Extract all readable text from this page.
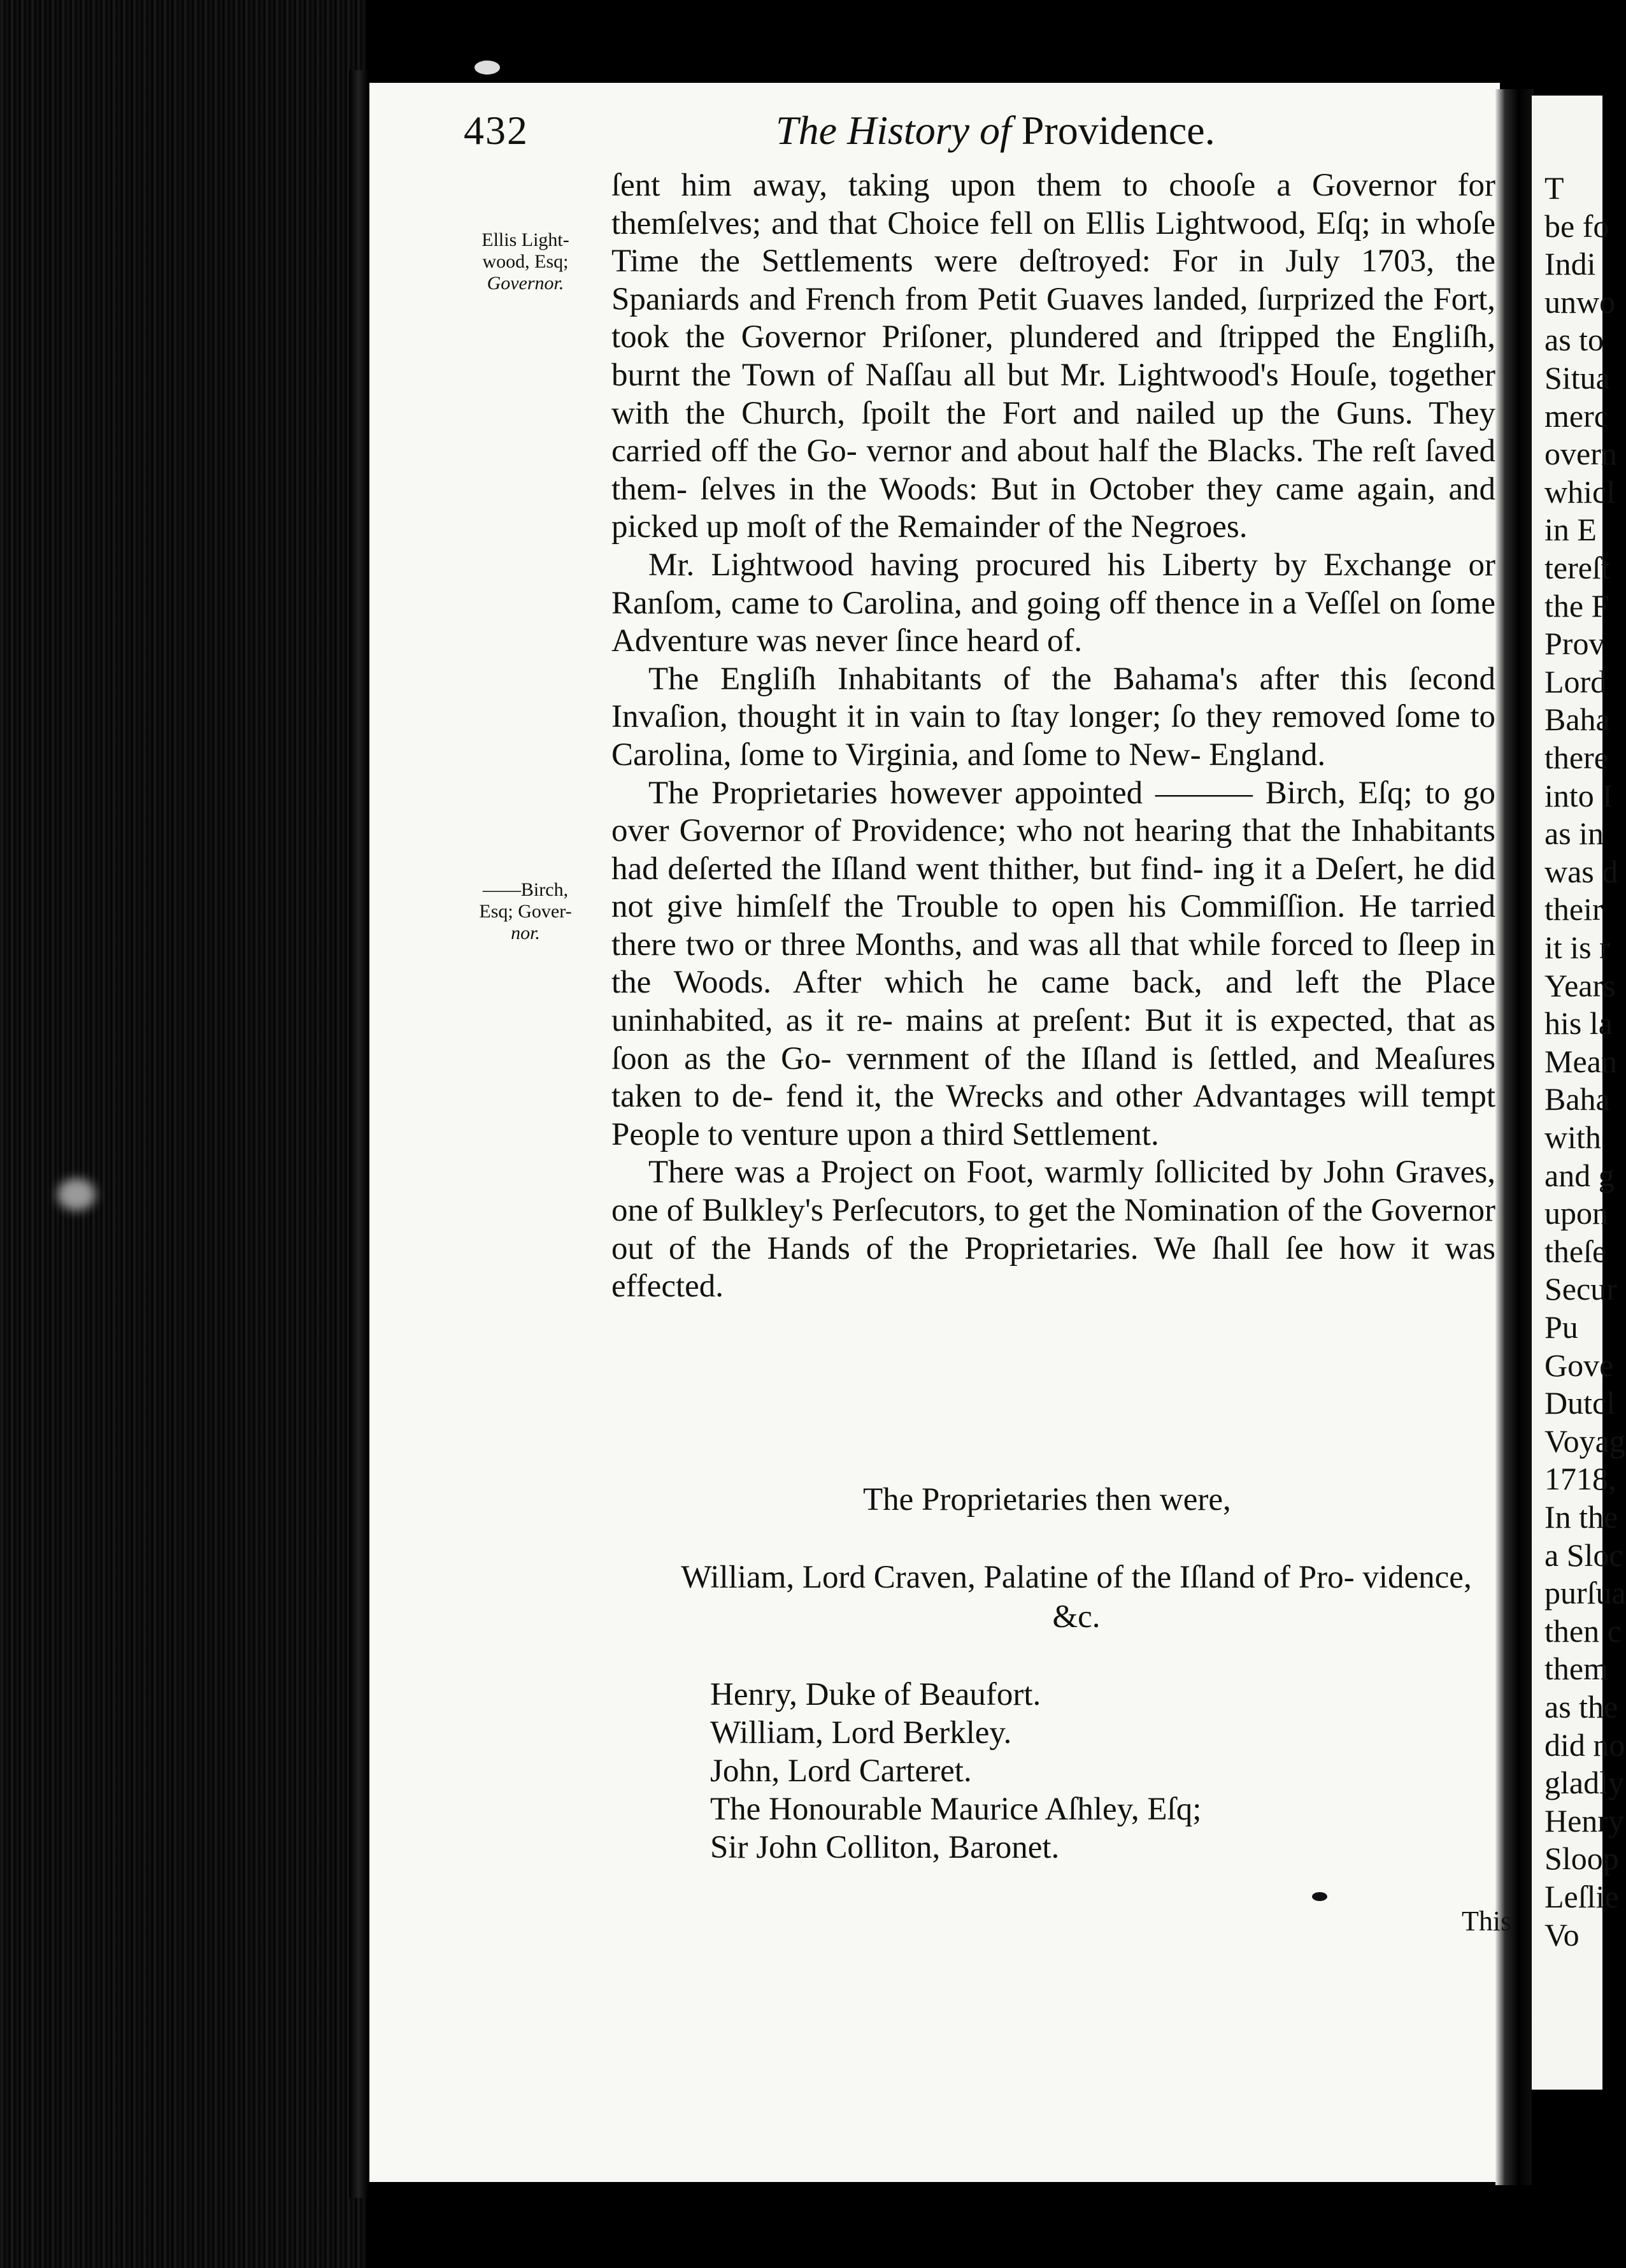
T
be fo
Indi
unwo
as to
Situa
merc
overn
whicl
in E
tereſt
the F
Prov
Lord
Baha
there
into I
as in
was d
their
it is r
Years
his la
Mean
Baha
with
and g
upon
theſe
Secur
Pu
Gove
Dutcl
Voyag
1718,
In the
a Sloc
purſua
then c
them
as the
did no
gladly
Henry
Sloop
Leſlie
Vo
432	The History of Providence.
Ellis Light-
wood, Esq;
Governor.
——Birch,
Esq; Gover-
nor.

ſent him away, taking upon them to chooſe a Governor for themſelves; and that Choice fell on Ellis Lightwood, Eſq; in whoſe Time the Settlements were deſtroyed: For in July 1703, the Spaniards and French from Petit Guaves landed, ſurprized the Fort, took the Governor Priſoner, plundered and ſtripped the Engliſh, burnt the Town of Naſſau all but Mr. Lightwood's Houſe, together with the Church, ſpoilt the Fort and nailed up the Guns. They carried off the Go- vernor and about half the Blacks. The reſt ſaved them- ſelves in the Woods: But in October they came again, and picked up moſt of the Remainder of the Negroes.

Mr. Lightwood having procured his Liberty by Exchange or Ranſom, came to Carolina, and going off thence in a Veſſel on ſome Adventure was never ſince heard of.

The Engliſh Inhabitants of the Bahama's after this ſecond Invaſion, thought it in vain to ſtay longer; ſo they removed ſome to Carolina, ſome to Virginia, and ſome to New- England.

The Proprietaries however appointed ——— Birch, Eſq; to go over Governor of Providence; who not hearing that the Inhabitants had deſerted the Iſland went thither, but find- ing it a Deſert, he did not give himſelf the Trouble to open his Commiſſion. He tarried there two or three Months, and was all that while forced to ſleep in the Woods. After which he came back, and left the Place uninhabited, as it re- mains at preſent: But it is expected, that as ſoon as the Go- vernment of the Iſland is ſettled, and Meaſures taken to de- fend it, the Wrecks and other Advantages will tempt People to venture upon a third Settlement.

There was a Project on Foot, warmly ſollicited by John Graves, one of Bulkley's Perſecutors, to get the Nomination of the Governor out of the Hands of the Proprietaries. We ſhall ſee how it was effected.

The Proprietaries then were,
William, Lord Craven, Palatine of the Iſland of Pro- vidence, &c.
Henry, Duke of Beaufort.
William, Lord Berkley.
John, Lord Carteret.
The Honourable Maurice Aſhley, Eſq;
Sir John Colliton, Baronet.
This
